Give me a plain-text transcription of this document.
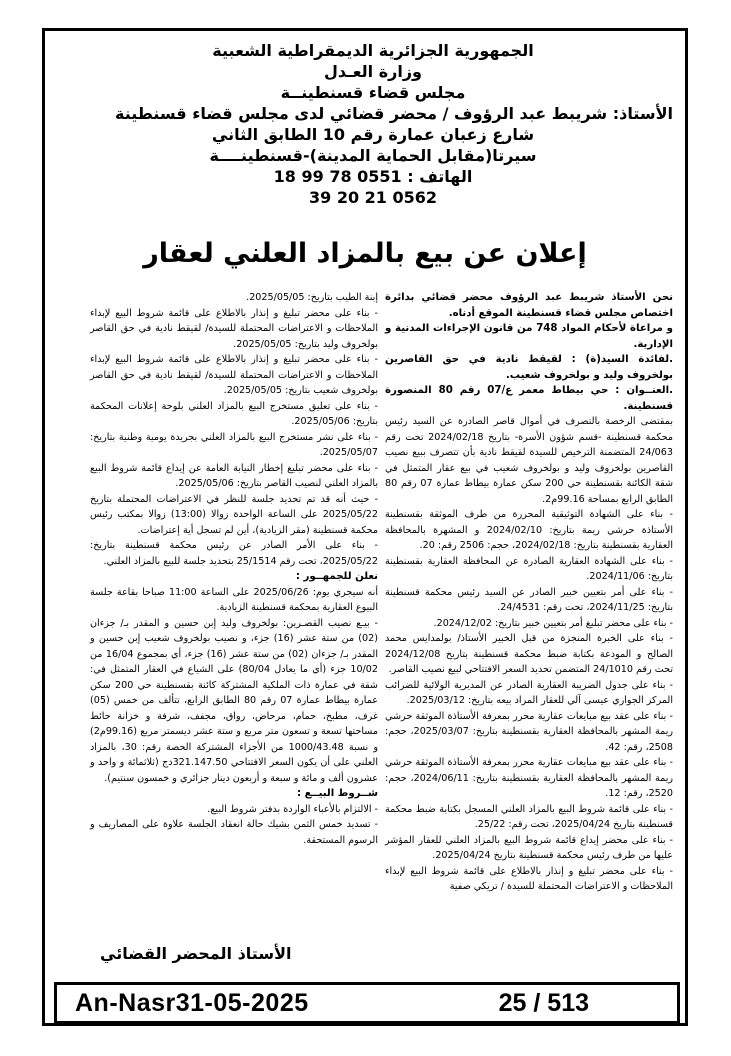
الجمهورية الجزائرية الديمقراطية الشعبية
وزارة العـدل
مجلس قضاء قسنطينــة
الأستاذ: شريبط عبد الرؤوف / محضر قضائي لدى مجلس قضاء قسنطينة
شارع زعبان عمارة رقم 10 الطابق الثاني
سيرتا(مقابل الحماية المدينة)-قسنطينــــة
الهاتف : 0551 78 99 18
0562 21 20 39
إعلان عن بيع بالمزاد العلني لعقار

نحن الأستاذ شريبط عبد الرؤوف محضر قضائي بدائرة اختصاص مجلس قضاء قسنطينة الموقع أدناه.

و مراعاة لأحكام المواد 748 من قانون الإجراءات المدنية و الإدارية.

.لفائدة السيد(ة) : لقيقط نادية في حق القاصرين بولخروف وليد و بولخروف شعيب.

.العنــوان : حي بيطاط معمر ع/07 رقم 80 المنصورة قسنطينة.

بمقتضى الرخصة بالتصرف في أموال قاصر الصادرة عن السيد رئيس محكمة قسنطينة -قسم شؤون الأسرة- بتاريخ 2024/02/18 تحت رقم 24/063 المتضمنة الترخيص للسيدة لقيقط نادية بأن تتصرف ببيع نصيب القاصرين بولخروف وليد و بولخروف شعيب في بيع عقار المتمثل في شقة الكائنة بقسنطينة حي 200 سكن عمارة بيطاط عمارة 07 رقم 80 الطابق الرابع بمساحة 99.16م2.

- بناء على الشهادة التوثيقية المحررة من طرف الموثقة بقسنطينة الأستاذة حرشي ريمة بتاريخ: 2024/02/10 و المشهرة بالمحافظة العقارية بقسنطينة بتاريخ: 2024/02/18، حجم: 2506 رقم: 20.

- بناء على الشهادة العقارية الصادرة عن المحافظة العقارية بقسنطينة بتاريخ: 2024/11/06.

- بناء على أمر بتعيين خبير الصادر عن السيد رئيس محكمة قسنطينة بتاريخ: 2024/11/25، تحت رقم: 24/4531.

- بناء على محضر تبليغ أمر بتعيين خبير بتاريخ: 2024/12/02.

- بناء على الخبرة المنجزة من قبل الخبير الأستاذ/ بولمدايس محمد الصالح و المودعة بكتابة ضبط محكمة قسنطينة بتاريخ 2024/12/08 تحت رقم 24/1010 المتضمن تحديد السعر الافتتاحي لبيع نصيب القاصر.

- بناء على جدول الضريبة العقارية الصادر عن المديرية الولائية للضرائب المركز الجواري عيسى آلي للعقار المراد بيعه بتاريخ: 2025/03/12.

- بناء على عقد بيع مبايعات عقارية محرر بمعرفة الأستاذة الموثقة حرشي ريمة المشهر بالمحافظة العقارية بقسنطينة بتاريخ: 2025/03/07، حجم: 2508، رقم: 42.

- بناء على عقد بيع مبايعات عقارية محرر بمعرفة الأستاذة الموثقة حرشي ريمة المشهر بالمحافظة العقارية بقسنطينة بتاريخ: 2024/06/11، حجم: 2520، رقم: 12.

- بناء على قائمة شروط البيع بالمزاد العلني المسجل بكتابة ضبط محكمة قسنطينة بتاريخ 2025/04/24، تحت رقم: 25/22.

- بناء على محضر إيداع قائمة شروط البيع بالمزاد العلني للعقار المؤشر عليها من طرف رئيس محكمة قسنطينة بتاريخ 2025/04/24.

- بناء على محضر تبليغ و إنذار بالاطلاع على قائمة شروط البيع لإبداء الملاحظات و الاعتراضات المحتملة للسيدة / تريكي صفية

إبنة الطيب بتاريخ: 2025/05/05.

- بناء على محضر تبليغ و إنذار بالاطلاع على قائمة شروط البيع لإبداء الملاحظات و الاعتراضات المحتملة للسيدة/ لقيقط نادية في حق القاصر بولخروف وليد بتاريخ: 2025/05/05.

- بناء على محضر تبليغ و إنذار بالاطلاع على قائمة شروط البيع لإبداء الملاحظات و الاعتراضات المحتملة للسيدة/ لقيقط نادية في حق القاصر بولخروف شعيب بتاريخ: 2025/05/05.

- بناء على تعليق مستخرج البيع بالمزاد العلني بلوحة إعلانات المحكمة بتاريخ: 2025/05/06.

- بناء على نشر مستخرج البيع بالمزاد العلني بجريدة يومية وطنية بتاريخ: 2025/05/07.

- بناء على محضر تبليغ إخطار النيابة العامة عن إيداع قائمة شروط البيع بالمزاد العلني لنصيب القاصر بتاريخ: 2025/05/06.

- حيث أنه قد تم تحديد جلسة للنظر في الاعتراضات المحتملة بتاريخ 2025/05/22 على الساعة الواحدة زوالا (13:00) زوالا بمكتب رئيس محكمة قسنطينة (مقر الزيادية)، أين لم تسجل أية إعتراضات.

- بناء على الأمر الصادر عن رئيس محكمة قسنطينة بتاريخ: 2025/05/22، تحت رقم 25/1514 بتحديد جلسة للبيع بالمزاد العلني.

نعلن للجمهــور :

أنه سيجري يوم: 2025/06/26 على الساعة 11:00 صباحا بقاعة جلسة البيوع العقارية بمحكمة قسنطينة الزيادية.

- بيـع نصيب القصـرين: بولخروف وليد إبن حسين و المقدر بـ/ جزءان (02) من ستة عشر (16) جزء، و نصيب بولخروف شعيب إبن حسين و المقدر بـ/ جزءان (02) من ستة عشر (16) جزء، أي بمجموع 16/04 من 10/02 جزء (أي ما يعادل 80/04) على الشياع في العقار المتمثل في: شقة في عمارة ذات الملكية المشتركة كائنة بقسنطينة حي 200 سكن عمارة بيطاط عمارة 07 رقم 80 الطابق الرابع، تتألف من خمس (05) غرف، مطبخ، حمام، مرحاض، رواق، مجفف، شرفة و خزانة حائط مساحتها تسعة و تسعون متر مربع و ستة عشر ديسمتر مربع (99.16م2) و نسبة 1000/43.48 من الأجزاء المشتركة الحصة رقم: 30، بالمزاد العلني على أن يكون السعر الافتتاحي 321.147.50دج (ثلاثمائة و واحد و عشرون ألف و مائة و سبعة و أربعون دينار جزائري و خمسون سنتيم).

شــروط البيــع :

- الالتزام بالأعباء الواردة بدفتر شروط البيع.

- تسديد خمس الثمن بشيك حالة انعقاد الجلسة علاوة على المصاريف و الرسوم المستحقة.

الأستاذ المحضر القضائي
An-Nasr31-05-2025	25 / 513
